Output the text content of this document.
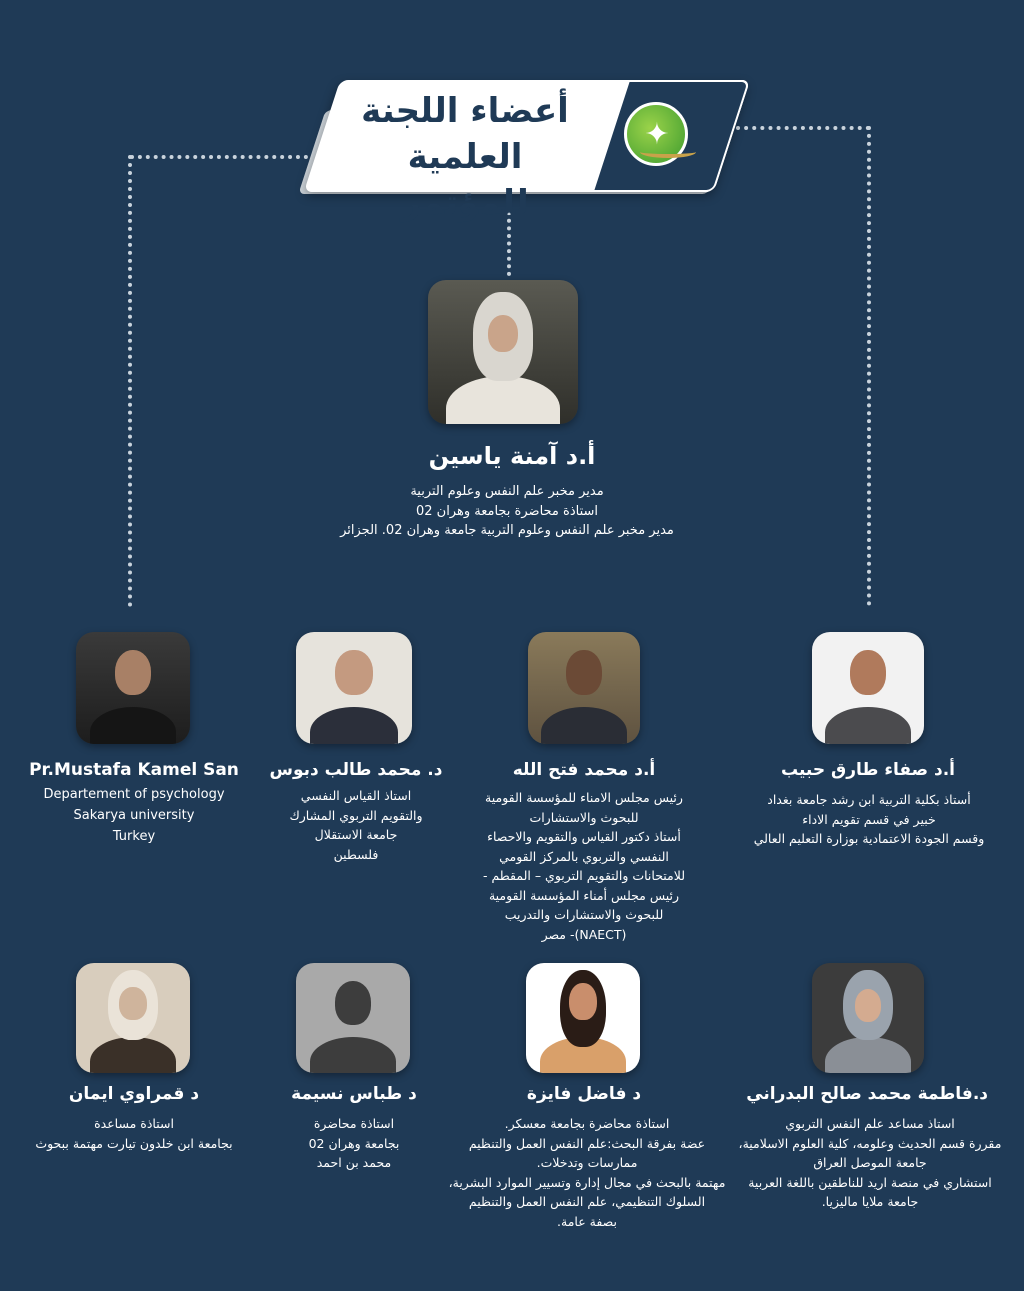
أعضاء اللجنة
العلمية للمؤتمر
✦
أ.د آمنة ياسين
مدير مخبر علم النفس وعلوم التربية
استاذة محاضرة بجامعة وهران 02
مدير مخبر علم النفس وعلوم التربية جامعة وهران 02. الجزائر
أ.د صفاء طارق حبيب
أستاذ بكلية التربية ابن رشد جامعة بغداد
خبير في قسم تقويم الاداء
وقسم الجودة الاعتمادية بوزارة التعليم العالي
أ.د محمد فتح الله
رئيس مجلس الامناء للمؤسسة القومية
للبحوث والاستشارات
أستاذ دكتور القياس والتقويم والاحصاء
النفسي والتربوي بالمركز القومي
للامتحانات والتقويم التربوي – المقطم -
رئيس مجلس أمناء المؤسسة القومية
للبحوث والاستشارات والتدريب
(NAECT)- مصر
د. محمد طالب دبوس
استاذ القياس النفسي
والتقويم التربوي المشارك
جامعة الاستقلال
فلسطين
Pr.Mustafa Kamel San
Departement of psychology
Sakarya university
Turkey
د.فاطمة محمد صالح البدراني
استاذ مساعد علم النفس التربوي
مقررة قسم الحديث وعلومه، كلية العلوم الاسلامية،
جامعة الموصل العراق
استشاري في منصة اريد للناطقين باللغة العربية
جامعة ملايا ماليزيا.
د فاضل فايزة
استاذة محاضرة بجامعة معسكر.
عضة بفرقة البحث:علم النفس العمل والتنظيم
ممارسات وتدخلات.
مهتمة بالبحث في مجال إدارة وتسيير الموارد البشرية،
السلوك التنظيمي، علم النفس العمل والتنظيم
بصفة عامة.
د طباس نسيمة
استاذة محاضرة
بجامعة وهران 02
محمد بن احمد
د قمراوي ايمان
استاذة مساعدة
بجامعة ابن خلدون تيارت مهتمة ببحوث
